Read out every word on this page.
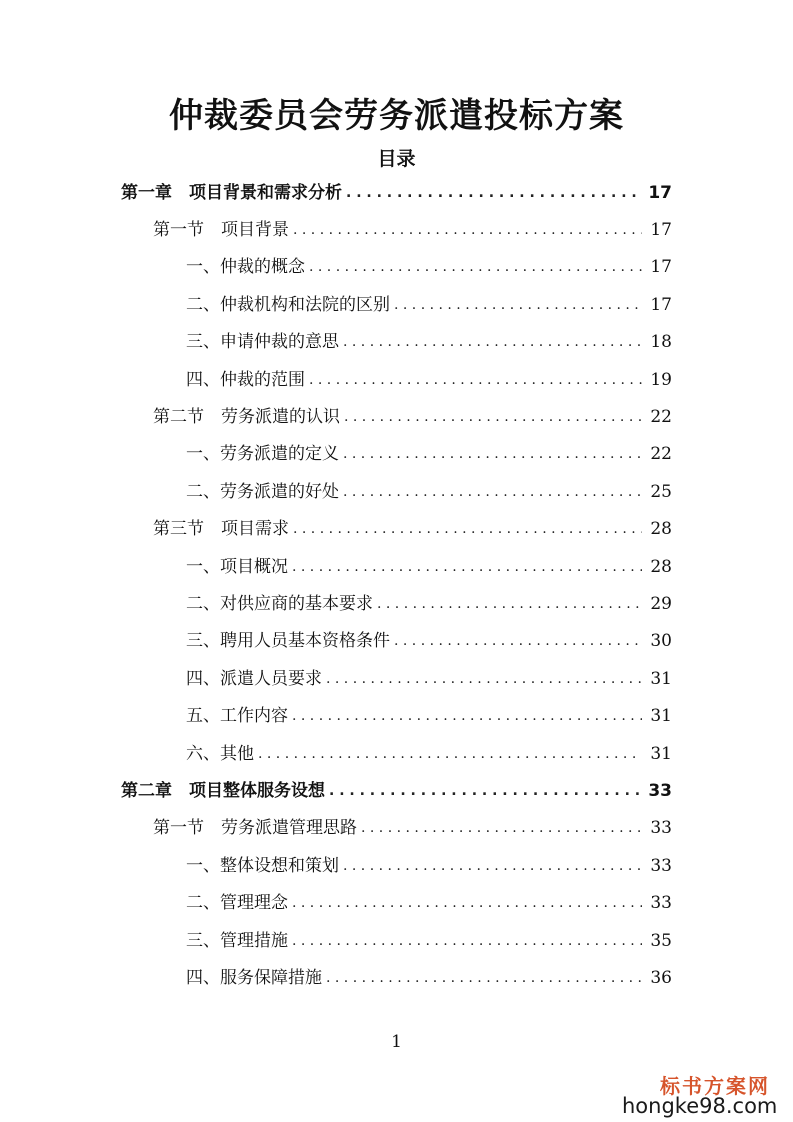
仲裁委员会劳务派遣投标方案
目录
第一章　项目背景和需求分析 . . .	17
第一节　项目背景 . . .	17
一、仲裁的概念 . . .	17
二、仲裁机构和法院的区别 . . .	17
三、申请仲裁的意思 . . .	18
四、仲裁的范围 . . .	19
第二节　劳务派遣的认识 . . .	22
一、劳务派遣的定义 . . .	22
二、劳务派遣的好处 . . .	25
第三节　项目需求 . . .	28
一、项目概况 . . .	28
二、对供应商的基本要求 . . .	29
三、聘用人员基本资格条件 . . .	30
四、派遣人员要求 . . .	31
五、工作内容 . . .	31
六、其他 . . .	31
第二章　项目整体服务设想 . . .	33
第一节　劳务派遣管理思路 . . .	33
一、整体设想和策划 . . .	33
二、管理理念 . . .	33
三、管理措施 . . .	35
四、服务保障措施 . . .	36
1
标书方案网
hongke98.com
